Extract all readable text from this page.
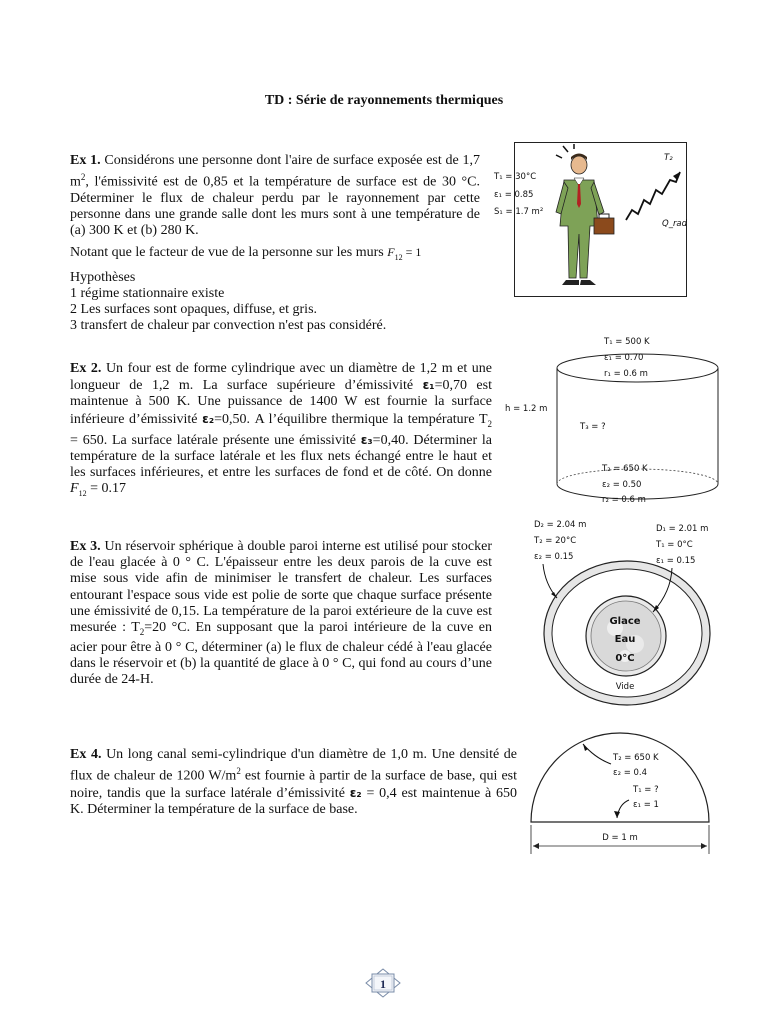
TD : Série de rayonnements thermiques
Ex 1. Considérons une personne dont l'aire de surface exposée est de 1,7 $m^2$, l'émissivité est de 0,85 et la température de surface est de 30 °C. Déterminer le flux de chaleur perdu par le rayonnement par cette personne dans une grande salle dont les murs sont à une température de (a) 300 K et (b) 280 K.
Notant que le facteur de vue de la personne sur les murs $F_{12} = 1$
Hypothèses
1 régime stationnaire existe
2 Les surfaces sont opaques, diffuse, et gris.
3 transfert de chaleur par convection n'est pas considéré.
Ex 2. Un four est de forme cylindrique avec un diamètre de 1,2 m et une longueur de 1,2 m. La surface supérieure d’émissivité ε₁=0,70 est maintenue à 500 K. Une puissance de 1400 W est fournie la surface inférieure d’émissivité ε₂=0,50. A l’équilibre thermique la température $T_2 = 650$. La surface latérale présente une émissivité ε₃=0,40. Déterminer la température de la surface latérale et les flux nets échangé entre le haut et les surfaces inférieures, et entre les surfaces de fond et de côté. On donne $F_{12} = 0.17$
Ex 3. Un réservoir sphérique à double paroi interne est utilisé pour stocker de l'eau glacée à 0 ° C. L'épaisseur entre les deux parois de la cuve est mise sous vide afin de minimiser le transfert de chaleur. Les surfaces entourant l'espace sous vide est polie de sorte que chaque surface présente une émissivité de 0,15. La température de la paroi extérieure de la cuve est mesurée : $T_2=20$ °C. En supposant que la paroi intérieure de la cuve en acier pour être à 0 ° C, déterminer (a) le flux de chaleur cédé à l'eau glacée dans le réservoir et (b) la quantité de glace à 0 ° C, qui fond au cours d’une durée de 24-H.
Ex 4. Un long canal semi-cylindrique d'un diamètre de 1,0 m. Une densité de flux de chaleur de 1200 $W/m^2$ est fournie à partir de la surface de base, qui est noire, tandis que la surface latérale d’émissivité ε₂ = 0,4 est maintenue à 650 K. Déterminer la température de la surface de base.
T₁ = 30°C
ε₁ = 0.85
S₁ = 1.7 m²
T₂
Q_rad
T₁ = 500 K
ε₁ = 0.70
r₁ = 0.6 m
h = 1.2 m
T₃ = ?
T₂ = 650 K
ε₂ = 0.50
r₂ = 0.6 m
Glace
Eau
0°C
Vide
D₂ = 2.04 m
T₂ = 20°C
ε₂ = 0.15
D₁ = 2.01 m
T₁ = 0°C
ε₁ = 0.15
T₂ = 650 K
ε₂ = 0.4
T₁ = ?
ε₁ = 1
D = 1 m
1
